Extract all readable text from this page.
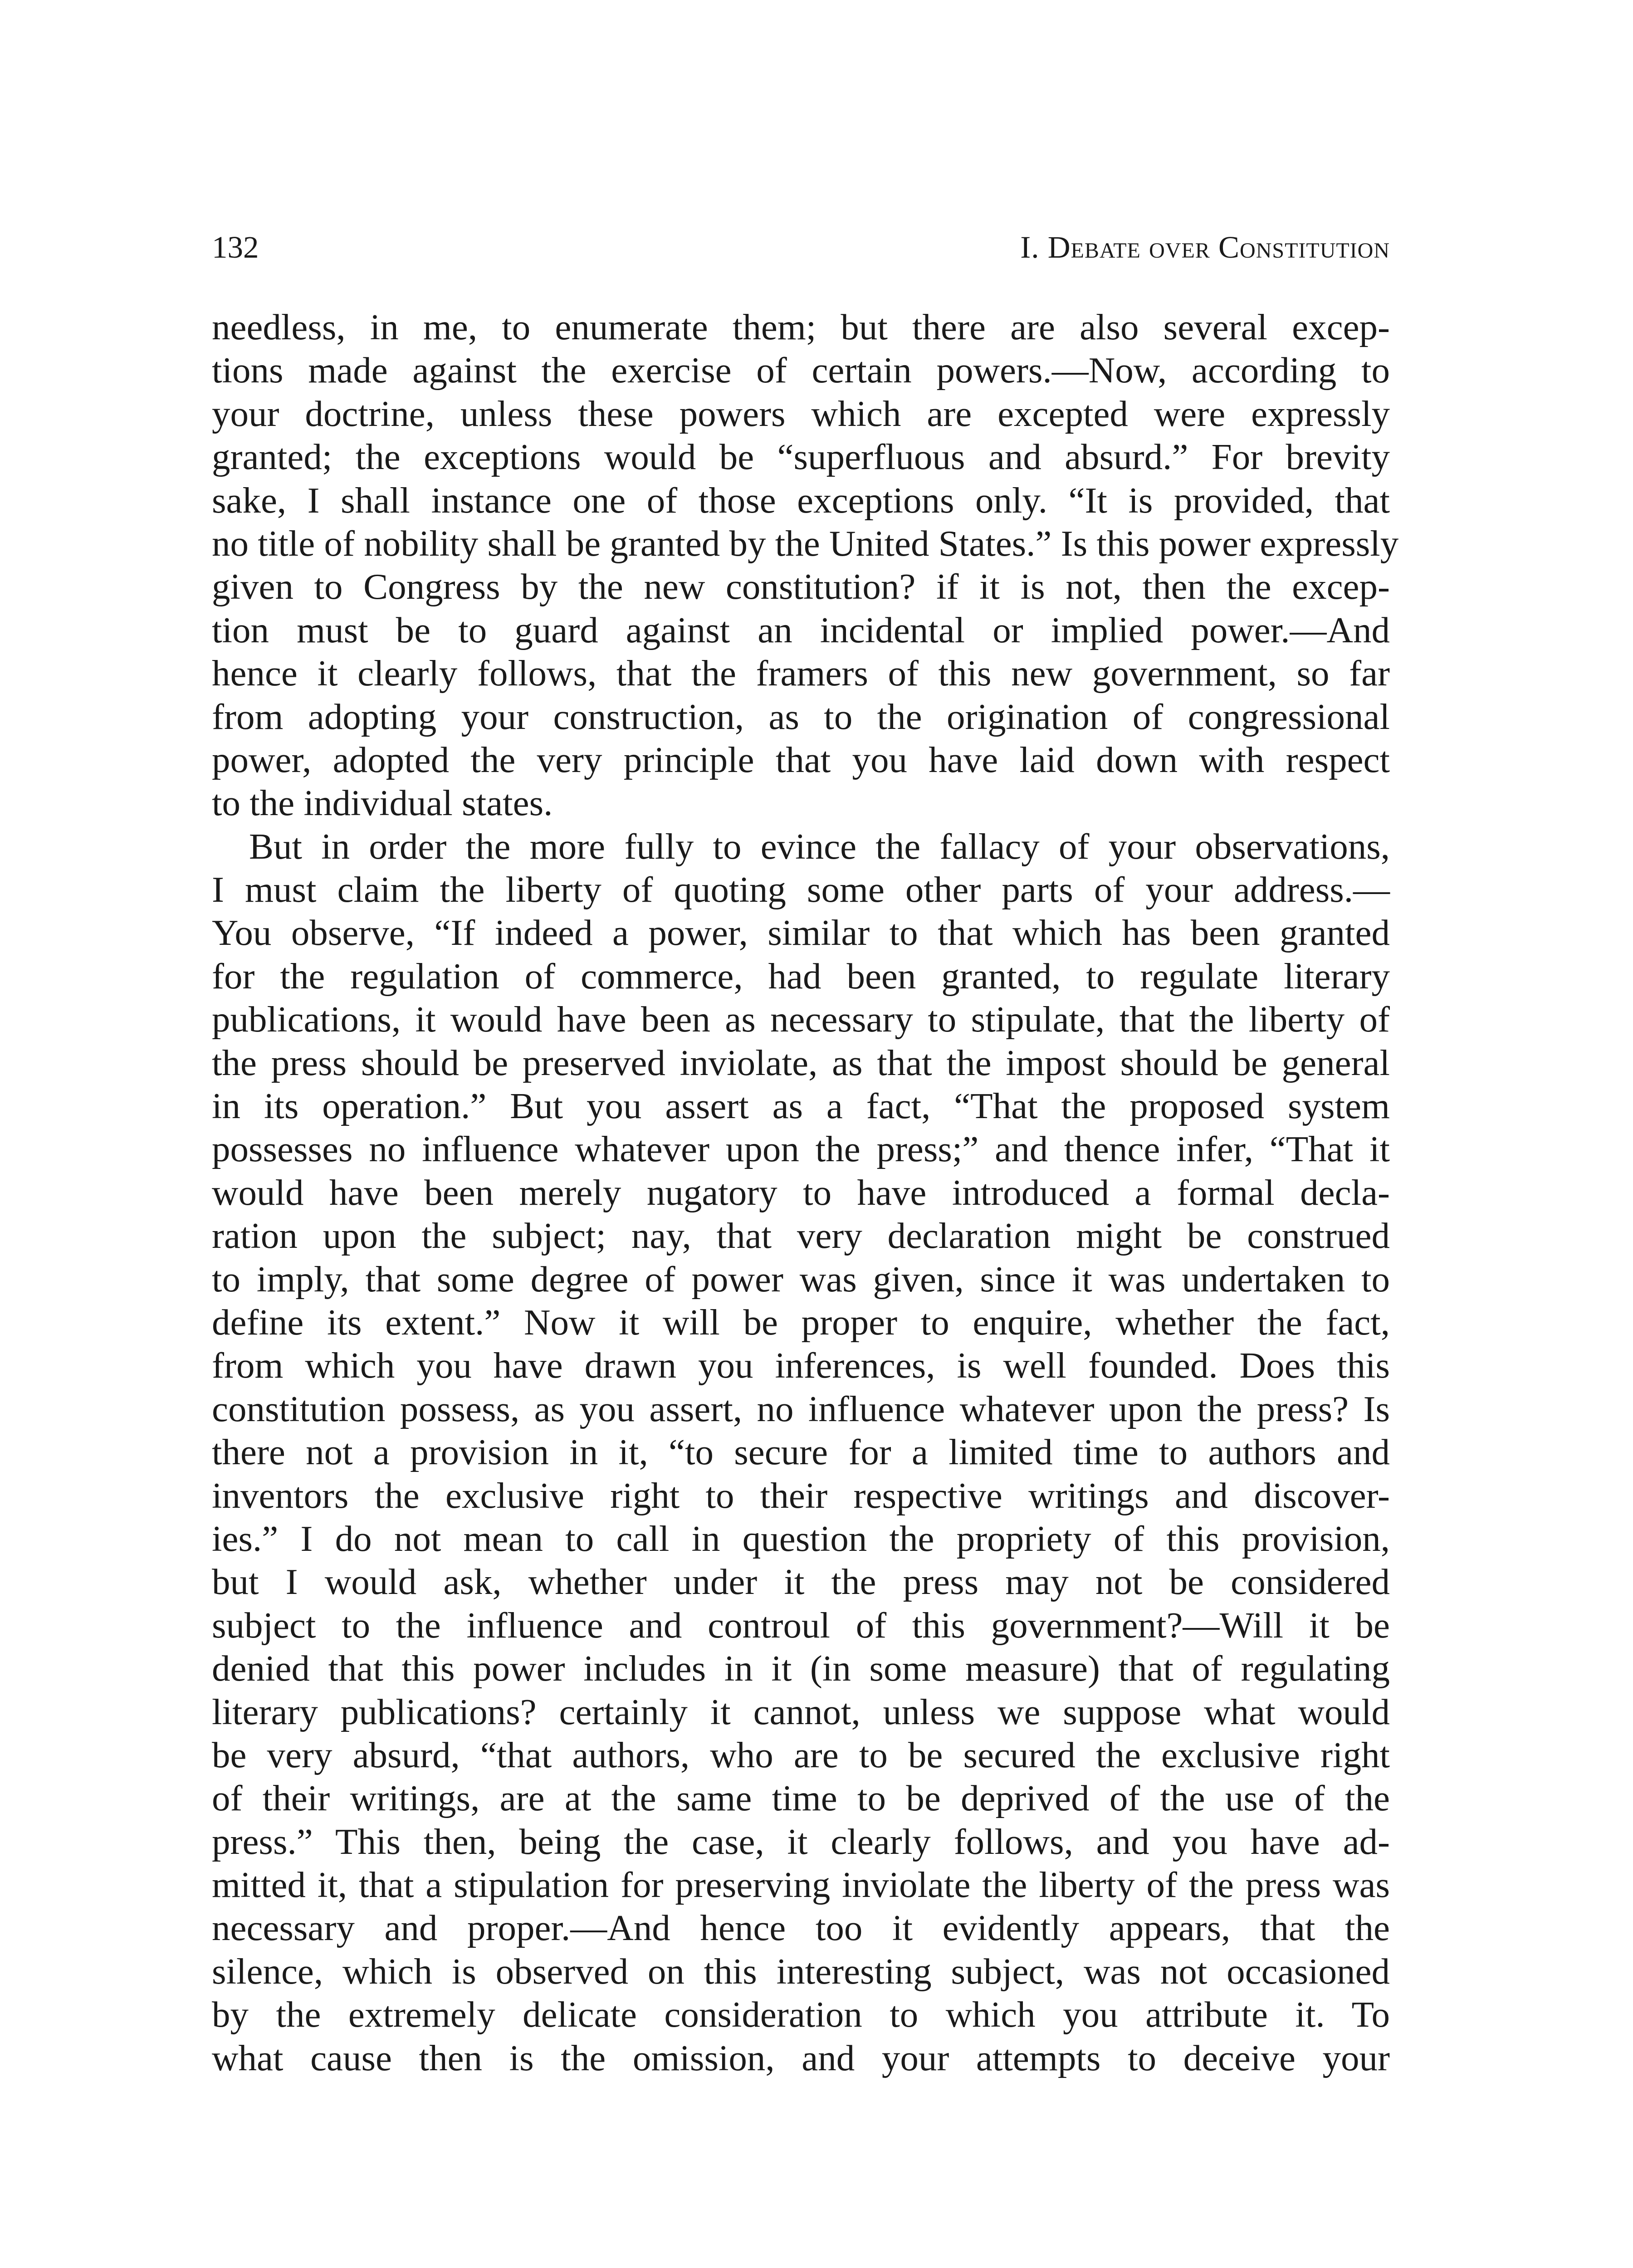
132	I. Debate over Constitution
needless, in me, to enumerate them; but there are also several excep-
tions made against the exercise of certain powers.—Now, according to
your doctrine, unless these powers which are excepted were expressly
granted; the exceptions would be “superfluous and absurd.” For brevity
sake, I shall instance one of those exceptions only. “It is provided, that
no title of nobility shall be granted by the United States.” Is this power expressly
given to Congress by the new constitution? if it is not, then the excep-
tion must be to guard against an incidental or implied power.—And
hence it clearly follows, that the framers of this new government, so far
from adopting your construction, as to the origination of congressional
power, adopted the very principle that you have laid down with respect
to the individual states.
But in order the more fully to evince the fallacy of your observations,
I must claim the liberty of quoting some other parts of your address.—
You observe, “If indeed a power, similar to that which has been granted
for the regulation of commerce, had been granted, to regulate literary
publications, it would have been as necessary to stipulate, that the liberty of
the press should be preserved inviolate, as that the impost should be general
in its operation.” But you assert as a fact, “That the proposed system
possesses no influence whatever upon the press;” and thence infer, “That it
would have been merely nugatory to have introduced a formal decla-
ration upon the subject; nay, that very declaration might be construed
to imply, that some degree of power was given, since it was undertaken to
define its extent.” Now it will be proper to enquire, whether the fact,
from which you have drawn you inferences, is well founded. Does this
constitution possess, as you assert, no influence whatever upon the press? Is
there not a provision in it, “to secure for a limited time to authors and
inventors the exclusive right to their respective writings and discover-
ies.” I do not mean to call in question the propriety of this provision,
but I would ask, whether under it the press may not be considered
subject to the influence and controul of this government?—Will it be
denied that this power includes in it (in some measure) that of regulating
literary publications? certainly it cannot, unless we suppose what would
be very absurd, “that authors, who are to be secured the exclusive right
of their writings, are at the same time to be deprived of the use of the
press.” This then, being the case, it clearly follows, and you have ad-
mitted it, that a stipulation for preserving inviolate the liberty of the press was
necessary and proper.—And hence too it evidently appears, that the
silence, which is observed on this interesting subject, was not occasioned
by the extremely delicate consideration to which you attribute it. To
what cause then is the omission, and your attempts to deceive your
